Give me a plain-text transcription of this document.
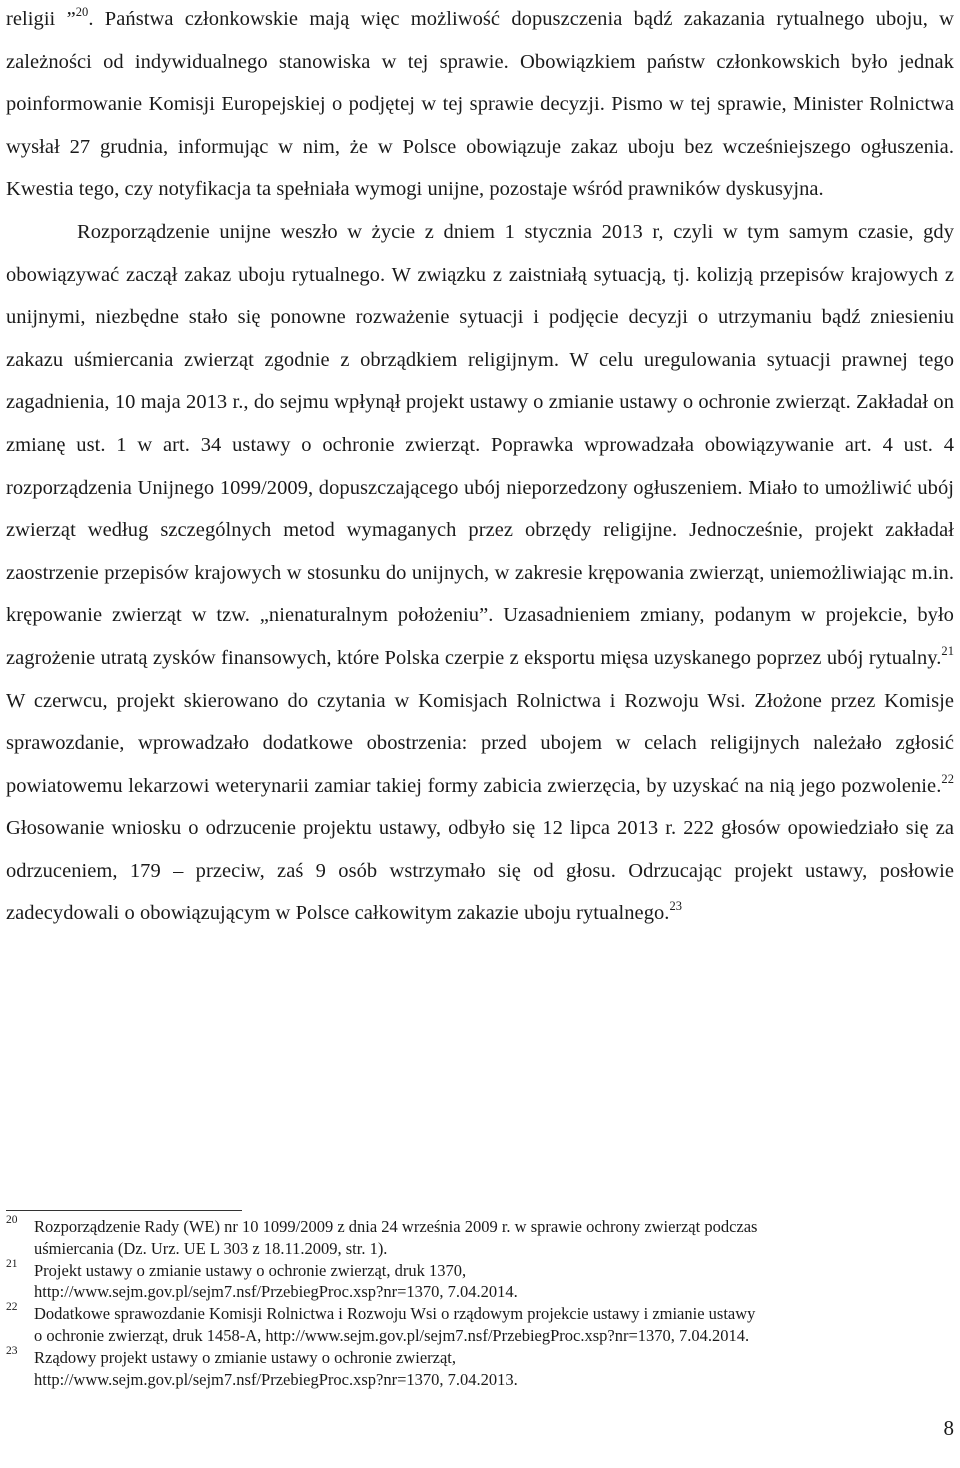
religii ”$^{20}$. Państwa członkowskie mają więc możliwość dopuszczenia bądź zakazania rytualnego uboju, w zależności od indywidualnego stanowiska w tej sprawie. Obowiązkiem państw członkowskich było jednak poinformowanie Komisji Europejskiej o podjętej w tej sprawie decyzji. Pismo w tej sprawie, Minister Rolnictwa wysłał 27 grudnia, informując w nim, że w Polsce obowiązuje zakaz uboju bez wcześniejszego ogłuszenia. Kwestia tego, czy notyfikacja ta spełniała wymogi unijne, pozostaje wśród prawników dyskusyjna.

Rozporządzenie unijne weszło w życie z dniem 1 stycznia 2013 r, czyli w tym samym czasie, gdy obowiązywać zaczął zakaz uboju rytualnego. W związku z zaistniałą sytuacją, tj. kolizją przepisów krajowych z unijnymi, niezbędne stało się ponowne rozważenie sytuacji i podjęcie decyzji o utrzymaniu bądź zniesieniu zakazu uśmiercania zwierząt zgodnie z obrządkiem religijnym. W celu uregulowania sytuacji prawnej tego zagadnienia, 10 maja 2013 r., do sejmu wpłynął projekt ustawy o zmianie ustawy o ochronie zwierząt. Zakładał on zmianę ust. 1 w art. 34 ustawy o ochronie zwierząt. Poprawka wprowadzała obowiązywanie art. 4 ust. 4 rozporządzenia Unijnego 1099/2009, dopuszczającego ubój nieporzedzony ogłuszeniem. Miało to umożliwić ubój zwierząt według szczególnych metod wymaganych przez obrzędy religijne. Jednocześnie, projekt zakładał zaostrzenie przepisów krajowych w stosunku do unijnych, w zakresie krępowania zwierząt, uniemożliwiając m.in. krępowanie zwierząt w tzw. „nienaturalnym położeniu”. Uzasadnieniem zmiany, podanym w projekcie, było zagrożenie utratą zysków finansowych, które Polska czerpie z eksportu mięsa uzyskanego poprzez ubój rytualny.$^{21}$ W czerwcu, projekt skierowano do czytania w Komisjach Rolnictwa i Rozwoju Wsi. Złożone przez Komisje sprawozdanie, wprowadzało dodatkowe obostrzenia: przed ubojem w celach religijnych należało zgłosić powiatowemu lekarzowi weterynarii zamiar takiej formy zabicia zwierzęcia, by uzyskać na nią jego pozwolenie.$^{22}$ Głosowanie wniosku o odrzucenie projektu ustawy, odbyło się 12 lipca 2013 r. 222 głosów opowiedziało się za odrzuceniem, 179 – przeciw, zaś 9 osób wstrzymało się od głosu. Odrzucając projekt ustawy, posłowie zadecydowali o obowiązującym w Polsce całkowitym zakazie uboju rytualnego.$^{23}$

20 Rozporządzenie Rady (WE) nr 10 1099/2009 z dnia 24 września 2009 r. w sprawie ochrony zwierząt podczas
uśmiercania (Dz. Urz. UE L 303 z 18.11.2009, str. 1).
21 Projekt ustawy o zmianie ustawy o ochronie zwierząt, druk 1370,
http://www.sejm.gov.pl/sejm7.nsf/PrzebiegProc.xsp?nr=1370, 7.04.2014.
22 Dodatkowe sprawozdanie Komisji Rolnictwa i Rozwoju Wsi o rządowym projekcie ustawy i zmianie ustawy
o ochronie zwierząt, druk 1458-A, http://www.sejm.gov.pl/sejm7.nsf/PrzebiegProc.xsp?nr=1370, 7.04.2014.
23 Rządowy projekt ustawy o zmianie ustawy o ochronie zwierząt,
http://www.sejm.gov.pl/sejm7.nsf/PrzebiegProc.xsp?nr=1370, 7.04.2013.
8
